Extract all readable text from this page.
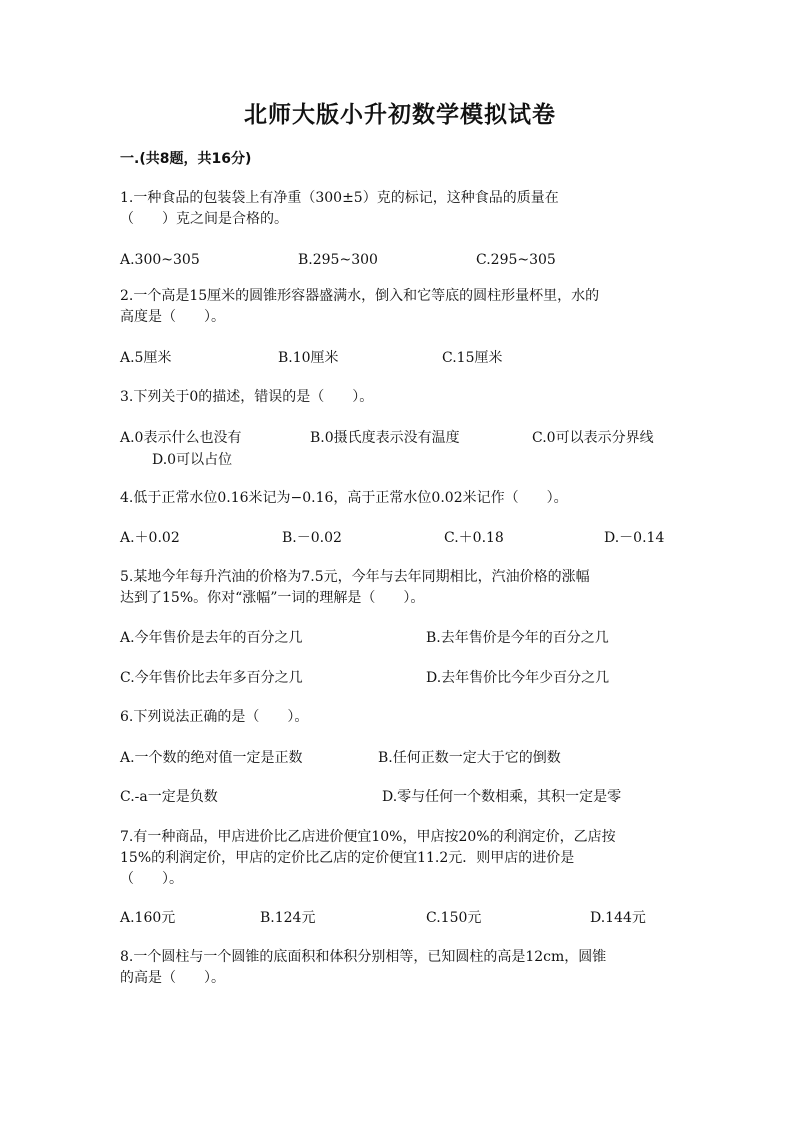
北师大版小升初数学模拟试卷
一.(共8题，共16分)
1.一种食品的包装袋上有净重（300±5）克的标记，这种食品的质量在
（　　）克之间是合格的。
A.300~305	B.295~300	C.295~305
2.一个高是15厘米的圆锥形容器盛满水，倒入和它等底的圆柱形量杯里，水的
高度是（　　）。
A.5厘米	B.10厘米	C.15厘米
3.下列关于0的描述，错误的是（　　）。
A.0表示什么也没有	B.0摄氏度表示没有温度	C.0可以表示分界线
D.0可以占位
4.低于正常水位0.16米记为−0.16，高于正常水位0.02米记作（　　）。
A.＋0.02	B.－0.02	C.＋0.18	D.－0.14
5.某地今年每升汽油的价格为7.5元，今年与去年同期相比，汽油价格的涨幅
达到了15%。你对“涨幅”一词的理解是（　　）。
A.今年售价是去年的百分之几	B.去年售价是今年的百分之几
C.今年售价比去年多百分之几	D.去年售价比今年少百分之几
6.下列说法正确的是（　　）。
A.一个数的绝对值一定是正数	B.任何正数一定大于它的倒数
C.-a一定是负数	D.零与任何一个数相乘，其积一定是零
7.有一种商品，甲店进价比乙店进价便宜10%，甲店按20%的利润定价，乙店按
15%的利润定价，甲店的定价比乙店的定价便宜11.2元．则甲店的进价是
（　　）。
A.160元	B.124元	C.150元	D.144元
8.一个圆柱与一个圆锥的底面积和体积分别相等，已知圆柱的高是12cm，圆锥
的高是（　　）。
